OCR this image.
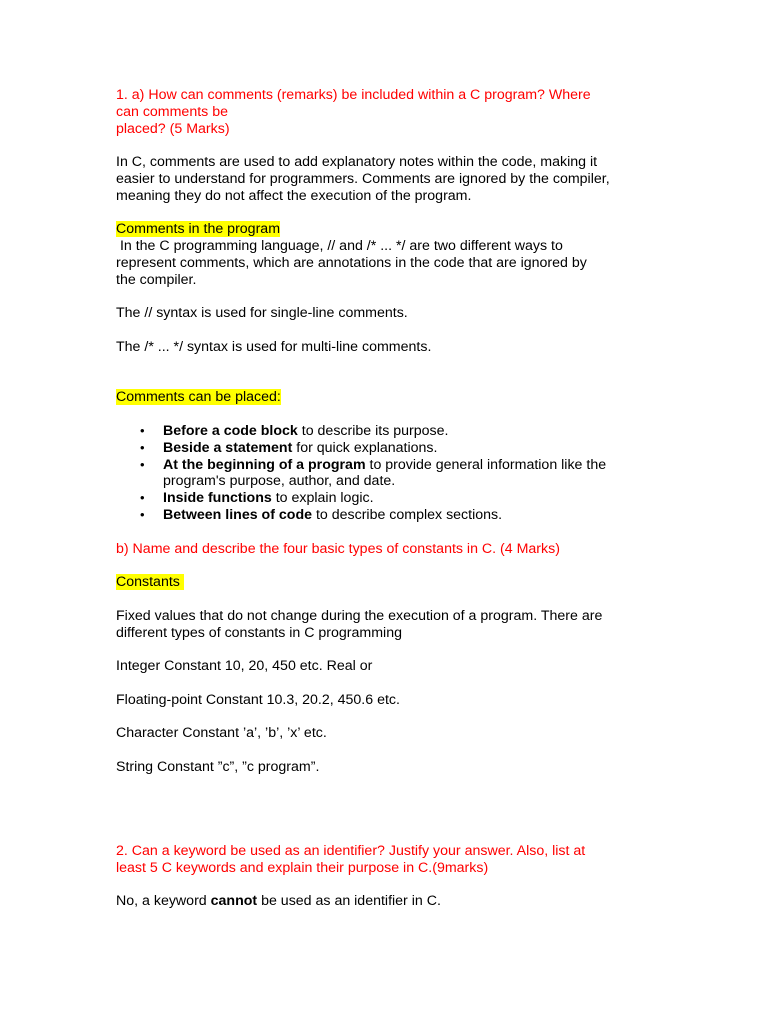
1. a) How can comments (remarks) be included within a C program? Where

can comments be

placed? (5 Marks)

In C, comments are used to add explanatory notes within the code, making it

easier to understand for programmers. Comments are ignored by the compiler,

meaning they do not affect the execution of the program.

Comments in the program

In the C programming language, // and /* ... */ are two different ways to

represent comments, which are annotations in the code that are ignored by

the compiler.

The // syntax is used for single-line comments.

The /* ... */ syntax is used for multi-line comments.

Comments can be placed:

• Before a code block to describe its purpose.
• Beside a statement for quick explanations.
• At the beginning of a program to provide general information like the
program's purpose, author, and date.
• Inside functions to explain logic.
• Between lines of code to describe complex sections.

b) Name and describe the four basic types of constants in C. (4 Marks)

Constants

Fixed values that do not change during the execution of a program. There are

different types of constants in C programming

Integer Constant 10, 20, 450 etc. Real or

Floating-point Constant 10.3, 20.2, 450.6 etc.

Character Constant ’a’, ’b’, ’x’ etc.

String Constant ”c”, ”c program”.

2. Can a keyword be used as an identifier? Justify your answer. Also, list at

least 5 C keywords and explain their purpose in C.(9marks)

No, a keyword cannot be used as an identifier in C.
